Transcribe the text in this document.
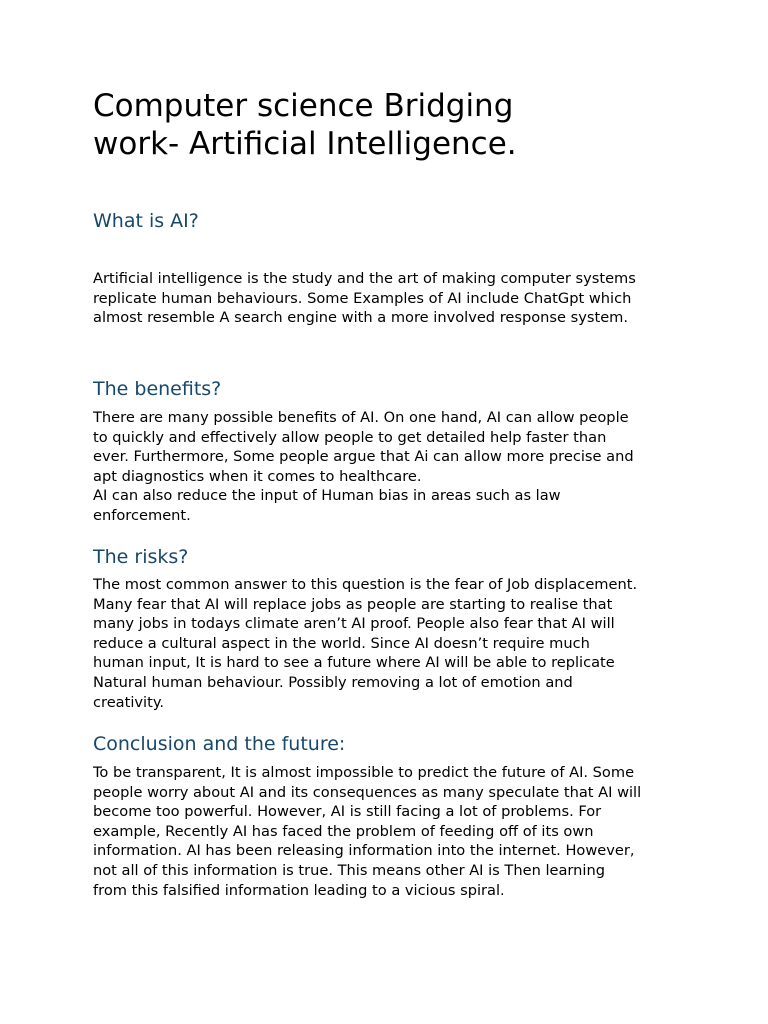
Computer science Bridging
work- Artificial Intelligence.
What is AI?
Artificial intelligence is the study and the art of making computer systems
replicate human behaviours. Some Examples of AI include ChatGpt which
almost resemble A search engine with a more involved response system.
The benefits?
There are many possible benefits of AI. On one hand, AI can allow people
to quickly and effectively allow people to get detailed help faster than
ever. Furthermore, Some people argue that Ai can allow more precise and
apt diagnostics when it comes to healthcare.
AI can also reduce the input of Human bias in areas such as law
enforcement.
The risks?
The most common answer to this question is the fear of Job displacement.
Many fear that AI will replace jobs as people are starting to realise that
many jobs in todays climate aren’t AI proof. People also fear that AI will
reduce a cultural aspect in the world. Since AI doesn’t require much
human input, It is hard to see a future where AI will be able to replicate
Natural human behaviour. Possibly removing a lot of emotion and
creativity.
Conclusion and the future:
To be transparent, It is almost impossible to predict the future of AI. Some
people worry about AI and its consequences as many speculate that AI will
become too powerful. However, AI is still facing a lot of problems. For
example, Recently AI has faced the problem of feeding off of its own
information. AI has been releasing information into the internet. However,
not all of this information is true. This means other AI is Then learning
from this falsified information leading to a vicious spiral.
